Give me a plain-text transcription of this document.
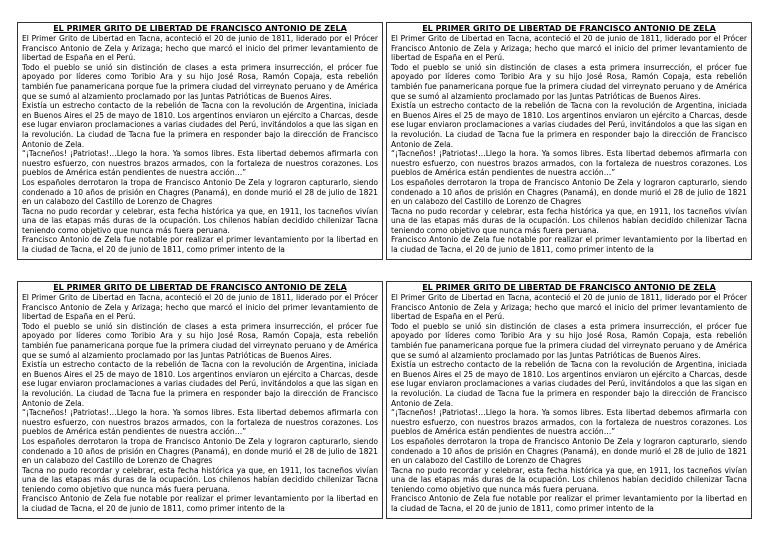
EL PRIMER GRITO DE LIBERTAD DE FRANCISCO ANTONIO DE ZELA

El Primer Grito de Libertad en Tacna, aconteció el 20 de junio de 1811, liderado por el Prócer Francisco Antonio de Zela y Arizaga; hecho que marcó el inicio del primer levantamiento de libertad de España en el Perú.

Todo el pueblo se unió sin distinción de clases a esta primera insurrección, el prócer fue apoyado por líderes como Toribio Ara y su hijo José Rosa, Ramón Copaja, esta rebelión también fue panamericana porque fue la primera ciudad del virreynato peruano y de América que se sumó al alzamiento proclamado por las Juntas Patrióticas de Buenos Aires.

Existía un estrecho contacto de la rebelión de Tacna con la revolución de Argentina, iniciada en Buenos Aires el 25 de mayo de 1810. Los argentinos enviaron un ejército a Charcas, desde ese lugar enviaron proclamaciones a varias ciudades del Perú, invitándolos a que las sigan en la revolución. La ciudad de Tacna fue la primera en responder bajo la dirección de Francisco Antonio de Zela.

“¡Tacneños! ¡Patriotas!…Llego la hora. Ya somos libres. Esta libertad debemos afirmarla con nuestro esfuerzo, con nuestros brazos armados, con la fortaleza de nuestros corazones. Los pueblos de América están pendientes de nuestra acción…”

Los españoles derrotaron la tropa de Francisco Antonio De Zela y lograron capturarlo, siendo condenado a 10 años de prisión en Chagres (Panamá), en donde murió el 28 de julio de 1821 en un calabozo del Castillo de Lorenzo de Chagres

Tacna no pudo recordar y celebrar, esta fecha histórica ya que, en 1911, los tacneños vivían una de las etapas más duras de la ocupación. Los chilenos habían decidido chilenizar Tacna teniendo como objetivo que nunca más fuera peruana.

Francisco Antonio de Zela fue notable por realizar el primer levantamiento por la libertad en la ciudad de Tacna, el 20 de junio de 1811, como primer intento de la

EL PRIMER GRITO DE LIBERTAD DE FRANCISCO ANTONIO DE ZELA

El Primer Grito de Libertad en Tacna, aconteció el 20 de junio de 1811, liderado por el Prócer Francisco Antonio de Zela y Arizaga; hecho que marcó el inicio del primer levantamiento de libertad de España en el Perú.

Todo el pueblo se unió sin distinción de clases a esta primera insurrección, el prócer fue apoyado por líderes como Toribio Ara y su hijo José Rosa, Ramón Copaja, esta rebelión también fue panamericana porque fue la primera ciudad del virreynato peruano y de América que se sumó al alzamiento proclamado por las Juntas Patrióticas de Buenos Aires.

Existía un estrecho contacto de la rebelión de Tacna con la revolución de Argentina, iniciada en Buenos Aires el 25 de mayo de 1810. Los argentinos enviaron un ejército a Charcas, desde ese lugar enviaron proclamaciones a varias ciudades del Perú, invitándolos a que las sigan en la revolución. La ciudad de Tacna fue la primera en responder bajo la dirección de Francisco Antonio de Zela.

“¡Tacneños! ¡Patriotas!…Llego la hora. Ya somos libres. Esta libertad debemos afirmarla con nuestro esfuerzo, con nuestros brazos armados, con la fortaleza de nuestros corazones. Los pueblos de América están pendientes de nuestra acción…”

Los españoles derrotaron la tropa de Francisco Antonio De Zela y lograron capturarlo, siendo condenado a 10 años de prisión en Chagres (Panamá), en donde murió el 28 de julio de 1821 en un calabozo del Castillo de Lorenzo de Chagres

Tacna no pudo recordar y celebrar, esta fecha histórica ya que, en 1911, los tacneños vivían una de las etapas más duras de la ocupación. Los chilenos habían decidido chilenizar Tacna teniendo como objetivo que nunca más fuera peruana.

Francisco Antonio de Zela fue notable por realizar el primer levantamiento por la libertad en la ciudad de Tacna, el 20 de junio de 1811, como primer intento de la

EL PRIMER GRITO DE LIBERTAD DE FRANCISCO ANTONIO DE ZELA

El Primer Grito de Libertad en Tacna, aconteció el 20 de junio de 1811, liderado por el Prócer Francisco Antonio de Zela y Arizaga; hecho que marcó el inicio del primer levantamiento de libertad de España en el Perú.

Todo el pueblo se unió sin distinción de clases a esta primera insurrección, el prócer fue apoyado por líderes como Toribio Ara y su hijo José Rosa, Ramón Copaja, esta rebelión también fue panamericana porque fue la primera ciudad del virreynato peruano y de América que se sumó al alzamiento proclamado por las Juntas Patrióticas de Buenos Aires.

Existía un estrecho contacto de la rebelión de Tacna con la revolución de Argentina, iniciada en Buenos Aires el 25 de mayo de 1810. Los argentinos enviaron un ejército a Charcas, desde ese lugar enviaron proclamaciones a varias ciudades del Perú, invitándolos a que las sigan en la revolución. La ciudad de Tacna fue la primera en responder bajo la dirección de Francisco Antonio de Zela.

“¡Tacneños! ¡Patriotas!…Llego la hora. Ya somos libres. Esta libertad debemos afirmarla con nuestro esfuerzo, con nuestros brazos armados, con la fortaleza de nuestros corazones. Los pueblos de América están pendientes de nuestra acción…”

Los españoles derrotaron la tropa de Francisco Antonio De Zela y lograron capturarlo, siendo condenado a 10 años de prisión en Chagres (Panamá), en donde murió el 28 de julio de 1821 en un calabozo del Castillo de Lorenzo de Chagres

Tacna no pudo recordar y celebrar, esta fecha histórica ya que, en 1911, los tacneños vivían una de las etapas más duras de la ocupación. Los chilenos habían decidido chilenizar Tacna teniendo como objetivo que nunca más fuera peruana.

Francisco Antonio de Zela fue notable por realizar el primer levantamiento por la libertad en la ciudad de Tacna, el 20 de junio de 1811, como primer intento de la

EL PRIMER GRITO DE LIBERTAD DE FRANCISCO ANTONIO DE ZELA

El Primer Grito de Libertad en Tacna, aconteció el 20 de junio de 1811, liderado por el Prócer Francisco Antonio de Zela y Arizaga; hecho que marcó el inicio del primer levantamiento de libertad de España en el Perú.

Todo el pueblo se unió sin distinción de clases a esta primera insurrección, el prócer fue apoyado por líderes como Toribio Ara y su hijo José Rosa, Ramón Copaja, esta rebelión también fue panamericana porque fue la primera ciudad del virreynato peruano y de América que se sumó al alzamiento proclamado por las Juntas Patrióticas de Buenos Aires.

Existía un estrecho contacto de la rebelión de Tacna con la revolución de Argentina, iniciada en Buenos Aires el 25 de mayo de 1810. Los argentinos enviaron un ejército a Charcas, desde ese lugar enviaron proclamaciones a varias ciudades del Perú, invitándolos a que las sigan en la revolución. La ciudad de Tacna fue la primera en responder bajo la dirección de Francisco Antonio de Zela.

“¡Tacneños! ¡Patriotas!…Llego la hora. Ya somos libres. Esta libertad debemos afirmarla con nuestro esfuerzo, con nuestros brazos armados, con la fortaleza de nuestros corazones. Los pueblos de América están pendientes de nuestra acción…”

Los españoles derrotaron la tropa de Francisco Antonio De Zela y lograron capturarlo, siendo condenado a 10 años de prisión en Chagres (Panamá), en donde murió el 28 de julio de 1821 en un calabozo del Castillo de Lorenzo de Chagres

Tacna no pudo recordar y celebrar, esta fecha histórica ya que, en 1911, los tacneños vivían una de las etapas más duras de la ocupación. Los chilenos habían decidido chilenizar Tacna teniendo como objetivo que nunca más fuera peruana.

Francisco Antonio de Zela fue notable por realizar el primer levantamiento por la libertad en la ciudad de Tacna, el 20 de junio de 1811, como primer intento de la
